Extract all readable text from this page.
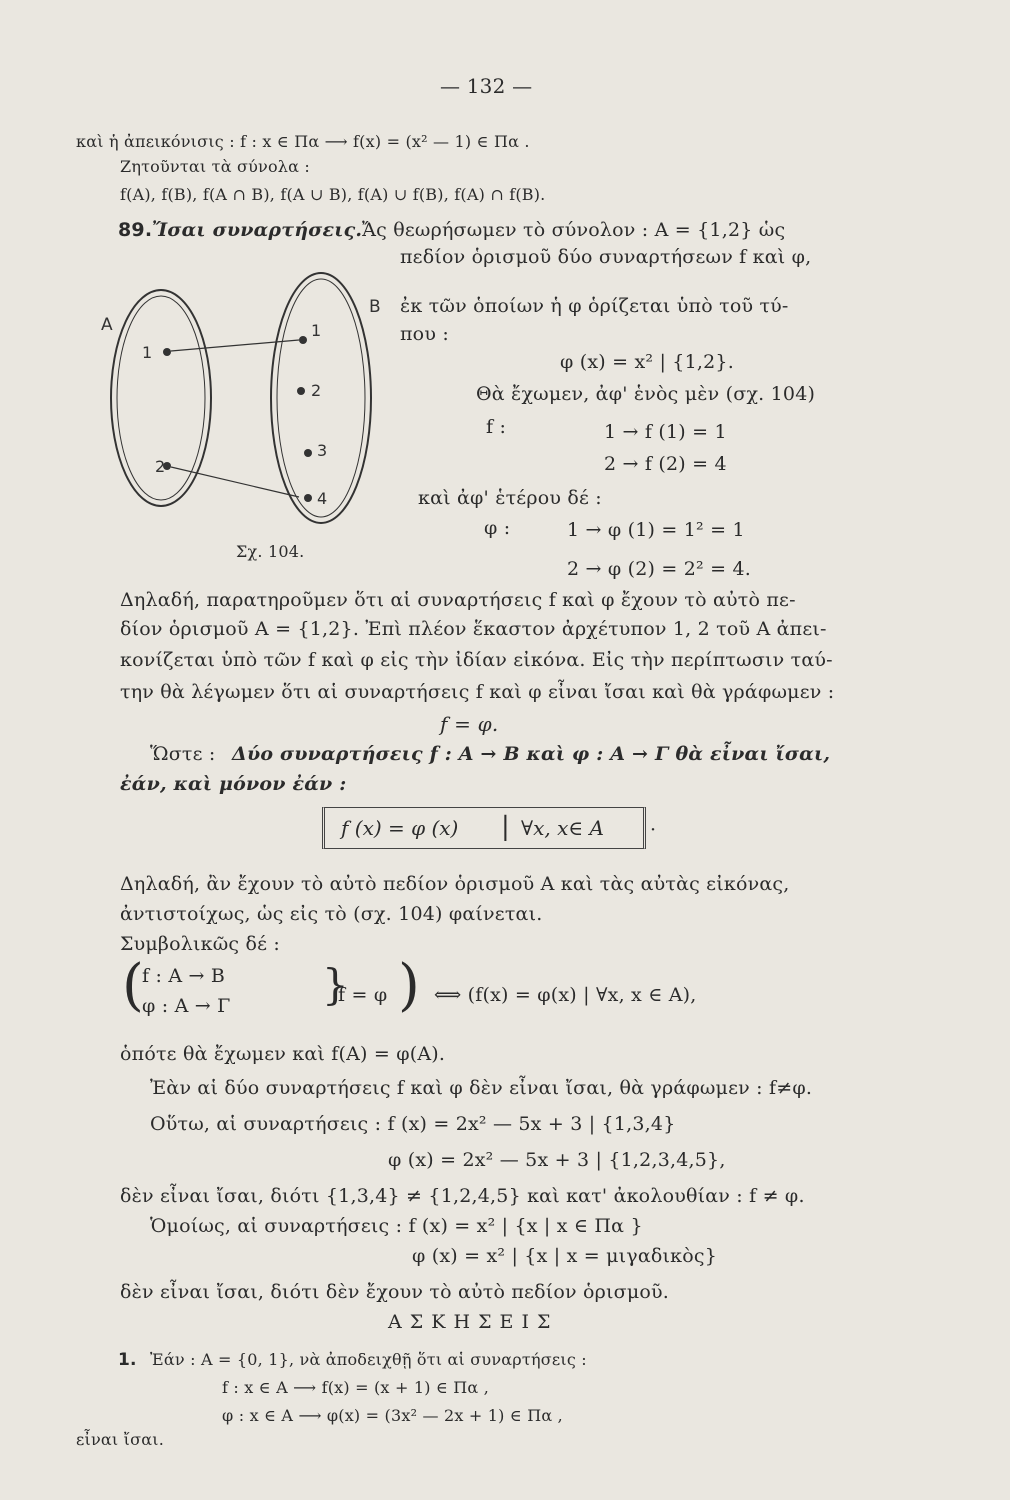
— 132 —
καὶ ἡ ἀπεικόνισις : f : x ∈ Πα ⟶ f(x) = (x² — 1) ∈ Πα .
Ζητοῦνται τὰ σύνολα :
f(A), f(B), f(A ∩ B), f(A ∪ B), f(A) ∪ f(B), f(A) ∩ f(B).
89. Ἴσαι συναρτήσεις. Ἄς θεωρήσωμεν τὸ σύνολον : A = {1,2} ὡς
πεδίον ὁρισμοῦ δύο συναρτήσεων f καὶ φ,
ἐκ τῶν ὁποίων ἡ φ ὁρίζεται ὑπὸ τοῦ τύ-
που :
φ (x) = x² | {1,2}.
Θὰ ἔχωμεν, ἀφ' ἑνὸς μὲν (σχ. 104)
f :	1 → f (1) = 1
2 → f (2) = 4
καὶ ἀφ' ἑτέρου δέ :
φ :	1 → φ (1) = 1² = 1
2 → φ (2) = 2² = 4.
A
B
1
2
1
2
3
4
Σχ. 104.
Δηλαδή, παρατηροῦμεν ὅτι αἱ συναρτήσεις f καὶ φ ἔχουν τὸ αὐτὸ πε-
δίον ὁρισμοῦ A = {1,2}. Ἐπὶ πλέον ἕκαστον ἀρχέτυπον 1, 2 τοῦ A ἀπει-
κονίζεται ὑπὸ τῶν f καὶ φ εἰς τὴν ἰδίαν εἰκόνα. Εἰς τὴν περίπτωσιν ταύ-
την θὰ λέγωμεν ὅτι αἱ συναρτήσεις f καὶ φ εἶναι ἴσαι καὶ θὰ γράφωμεν :
f = φ.
Ὥστε : Δύο συναρτήσεις f : A → B καὶ φ : A → Γ θὰ εἶναι ἴσαι,
ἐάν, καὶ μόνον ἐάν :
f (x) = φ (x) | ∀x, x∈ A ·
Δηλαδή, ἂν ἔχουν τὸ αὐτὸ πεδίον ὁρισμοῦ A καὶ τὰς αὐτὰς εἰκόνας,
ἀντιστοίχως, ὡς εἰς τὸ (σχ. 104) φαίνεται.
Συμβολικῶς δέ :
(
f : A → B
φ : A → Γ }
f = φ ) ⟺ (f(x) = φ(x) | ∀x, x ∈ A),
ὁπότε θὰ ἔχωμεν καὶ f(A) = φ(A).
Ἐὰν αἱ δύο συναρτήσεις f καὶ φ δὲν εἶναι ἴσαι, θὰ γράφωμεν : f≠φ.
Οὕτω, αἱ συναρτήσεις : f (x) = 2x² — 5x + 3 | {1,3,4}
φ (x) = 2x² — 5x + 3 | {1,2,3,4,5},
δὲν εἶναι ἴσαι, διότι {1,3,4} ≠ {1,2,4,5} καὶ κατ' ἀκολουθίαν : f ≠ φ.
Ὁμοίως, αἱ συναρτήσεις : f (x) = x² | {x | x ∈ Πα }
φ (x) = x² | {x | x = μιγαδικὸς}
δὲν εἶναι ἴσαι, διότι δὲν ἔχουν τὸ αὐτὸ πεδίον ὁρισμοῦ.
Α Σ Κ Η Σ Ε Ι Σ
1. Ἐάν : A = {0, 1}, νὰ ἀποδειχθῇ ὅτι αἱ συναρτήσεις :
f : x ∈ A ⟶ f(x) = (x + 1) ∈ Πα ,
φ : x ∈ A ⟶ φ(x) = (3x² — 2x + 1) ∈ Πα ,
εἶναι ἴσαι.
